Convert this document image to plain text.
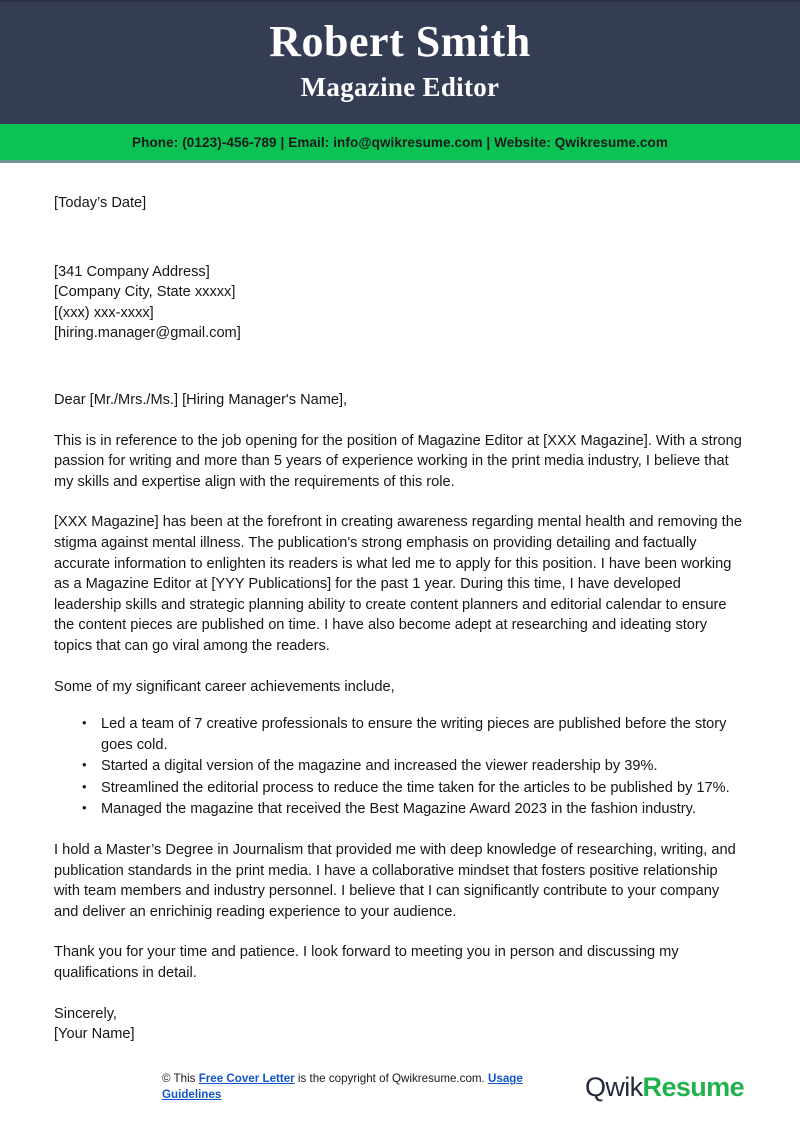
Robert Smith
Magazine Editor
Phone: (0123)-456-789 | Email: info@qwikresume.com | Website: Qwikresume.com
[Today’s Date]
[341 Company Address]
[Company City, State xxxxx]
[(xxx) xxx-xxxx]
[hiring.manager@gmail.com]
Dear [Mr./Mrs./Ms.] [Hiring Manager's Name],
This is in reference to the job opening for the position of Magazine Editor at [XXX Magazine]. With a strong passion for writing and more than 5 years of experience working in the print media industry, I believe that my skills and expertise align with the requirements of this role.
[XXX Magazine] has been at the forefront in creating awareness regarding mental health and removing the stigma against mental illness. The publication's strong emphasis on providing detailing and factually accurate information to enlighten its readers is what led me to apply for this position. I have been working as a Magazine Editor at [YYY Publications] for the past 1 year. During this time, I have developed leadership skills and strategic planning ability to create content planners and editorial calendar to ensure the content pieces are published on time. I have also become adept at researching and ideating story topics that can go viral among the readers.
Some of my significant career achievements include,
• Led a team of 7 creative professionals to ensure the writing pieces are published before the story goes cold.
• Started a digital version of the magazine and increased the viewer readership by 39%.
• Streamlined the editorial process to reduce the time taken for the articles to be published by 17%.
• Managed the magazine that received the Best Magazine Award 2023 in the fashion industry.
I hold a Master’s Degree in Journalism that provided me with deep knowledge of researching, writing, and publication standards in the print media. I have a collaborative mindset that fosters positive relationship with team members and industry personnel. I believe that I can significantly contribute to your company and deliver an enrichinig reading experience to your audience.
Thank you for your time and patience. I look forward to meeting you in person and discussing my qualifications in detail.
Sincerely,
[Your Name]
© This Free Cover Letter is the copyright of Qwikresume.com. Usage Guidelines	QwikResume
